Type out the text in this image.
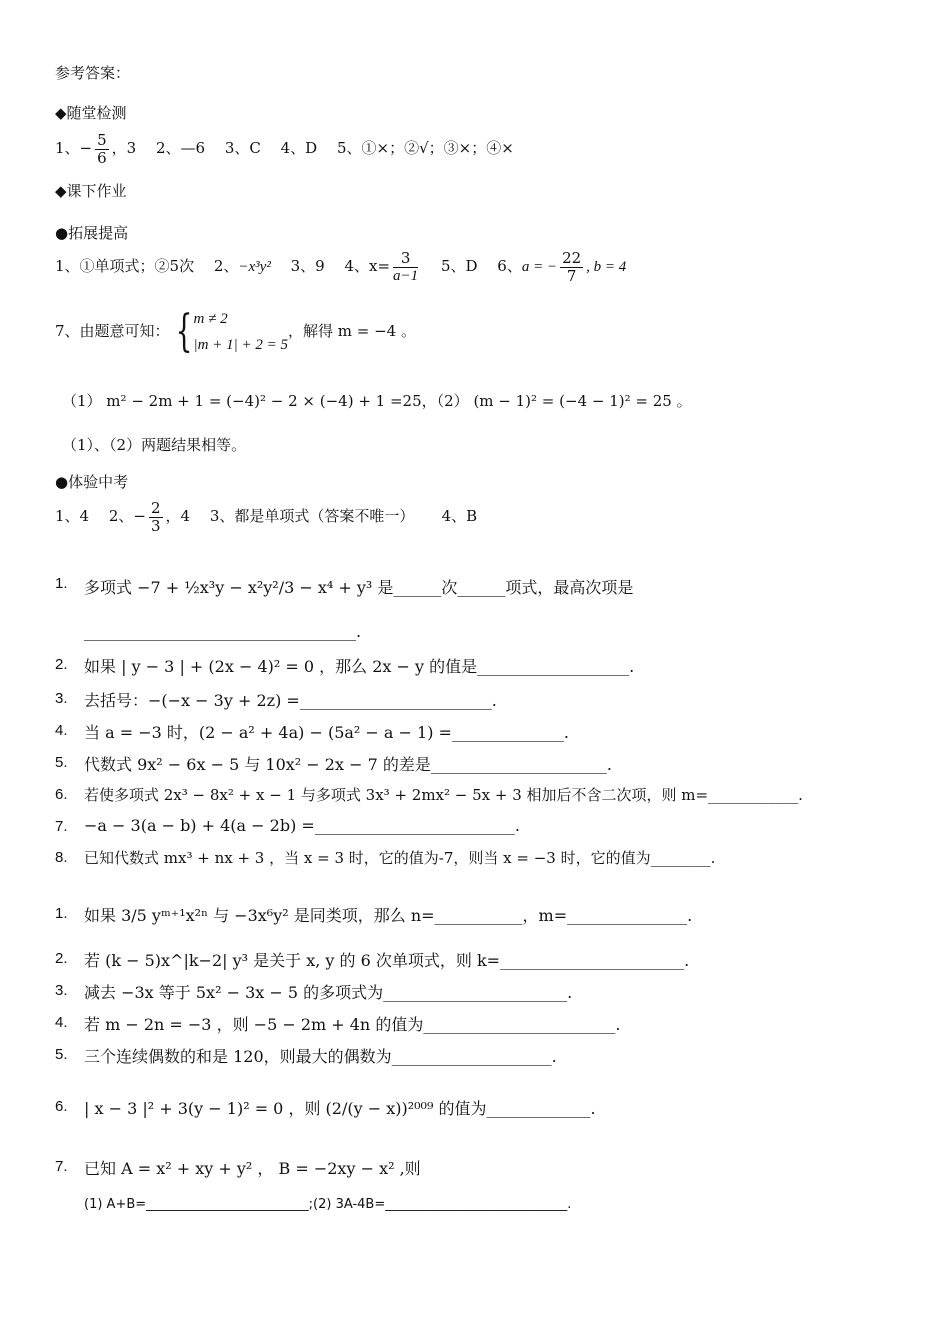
参考答案：
◆随堂检测
1、− $\frac{5}{6}$ ，3　 2、—6　 3、C　 4、D　 5、①×；②√；③×；④×
◆课下作业
●拓展提高
1、①单项式；②5次　 2、−x³y²　 3、9　 4、$x= \frac{3}{a-1}$ 　 5、D　 6、a = − $\frac{22}{7}$ , b = 4
7、由题意可知： { m ≠ 2
|m + 1| + 2 = 5
，解得 m = −4 。
（1） m² − 2m + 1 = (−4)² − 2 × (−4) + 1 =25，（2） (m − 1)² = (−4 − 1)² = 25 。
（1）、（2）两题结果相等。
●体验中考
1、4　 2、− $\frac{2}{3}$ ，4　 3、都是单项式（答案不唯一）　　 4、B
1. 多项式 −7 + ½x³y − x²y²/3 − x⁴ + y³ 是______次______项式，最高次项是
__________________________________.
2. 如果 | y − 3 | + (2x − 4)² = 0 ，那么 2x − y 的值是___________________.
3. 去括号：−(−x − 3y + 2z) =________________________.
4. 当 a = −3 时，(2 − a² + 4a) − (5a² − a − 1) =______________.
5. 代数式 9x² − 6x − 5 与 10x² − 2x − 7 的差是______________________.
6. 若使多项式 2x³ − 8x² + x − 1 与多项式 3x³ + 2mx² − 5x + 3 相加后不含二次项，则 m=____________.
7. −a − 3(a − b) + 4(a − 2b) =_________________________.
8. 已知代数式 mx³ + nx + 3 ，当 x = 3 时，它的值为-7，则当 x = −3 时，它的值为________.
1. 如果 3/5 yᵐ⁺¹x²ⁿ 与 −3x⁶y² 是同类项，那么 n=___________，m=_______________.
2. 若 (k − 5)x^|k−2| y³ 是关于 x, y 的 6 次单项式，则 k=_______________________.
3. 减去 −3x 等于 5x² − 3x − 5 的多项式为_______________________.
4. 若 m − 2n = −3 ，则 −5 − 2m + 4n 的值为________________________.
5. 三个连续偶数的和是 120，则最大的偶数为____________________.
6. | x − 3 |² + 3(y − 1)² = 0 ，则 (2/(y − x))²⁰⁰⁹ 的值为_____________.
7. 已知 A = x² + xy + y² ， B = −2xy − x² ,则
(1) A+B=_________________________;(2) 3A-4B=____________________________.
